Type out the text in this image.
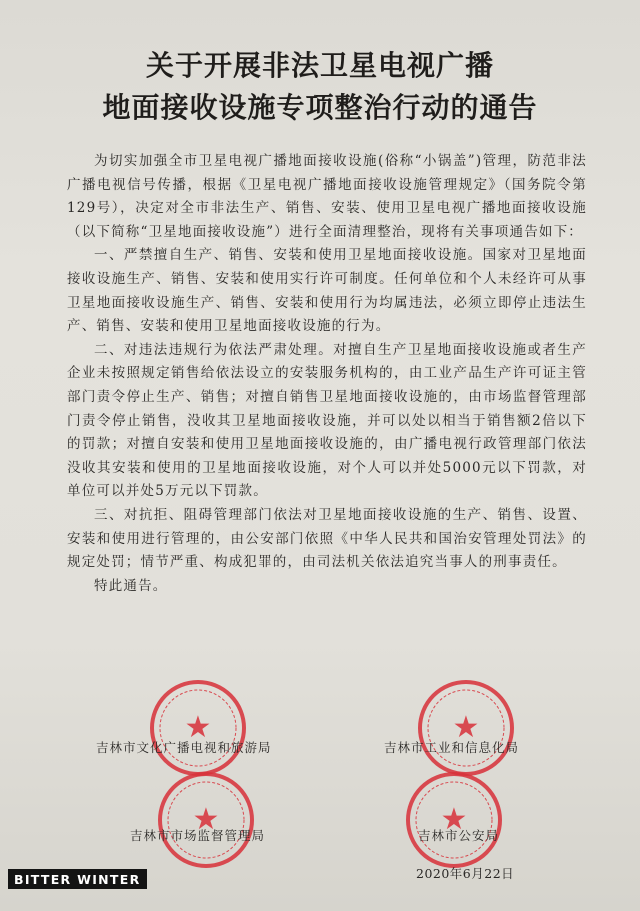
关于开展非法卫星电视广播
地面接收设施专项整治行动的通告

为切实加强全市卫星电视广播地面接收设施(俗称“小锅盖”)管理，防范非法广播电视信号传播，根据《卫星电视广播地面接收设施管理规定》（国务院令第129号），决定对全市非法生产、销售、安装、使用卫星电视广播地面接收设施（以下简称“卫星地面接收设施”）进行全面清理整治，现将有关事项通告如下：

一、严禁擅自生产、销售、安装和使用卫星地面接收设施。国家对卫星地面接收设施生产、销售、安装和使用实行许可制度。任何单位和个人未经许可从事卫星地面接收设施生产、销售、安装和使用行为均属违法，必须立即停止违法生产、销售、安装和使用卫星地面接收设施的行为。

二、对违法违规行为依法严肃处理。对擅自生产卫星地面接收设施或者生产企业未按照规定销售给依法设立的安装服务机构的，由工业产品生产许可证主管部门责令停止生产、销售；对擅自销售卫星地面接收设施的，由市场监督管理部门责令停止销售，没收其卫星地面接收设施，并可以处以相当于销售额2倍以下的罚款；对擅自安装和使用卫星地面接收设施的，由广播电视行政管理部门依法没收其安装和使用的卫星地面接收设施，对个人可以并处5000元以下罚款，对单位可以并处5万元以下罚款。

三、对抗拒、阻碍管理部门依法对卫星地面接收设施的生产、销售、设置、安装和使用进行管理的，由公安部门依照《中华人民共和国治安管理处罚法》的规定处罚；情节严重、构成犯罪的，由司法机关依法追究当事人的刑事责任。

特此通告。

★	★
★	★
吉林市文化广播电视和旅游局	吉林市工业和信息化局
吉林市市场监督管理局	吉林市公安局
2020年6月22日
BITTER WINTER
